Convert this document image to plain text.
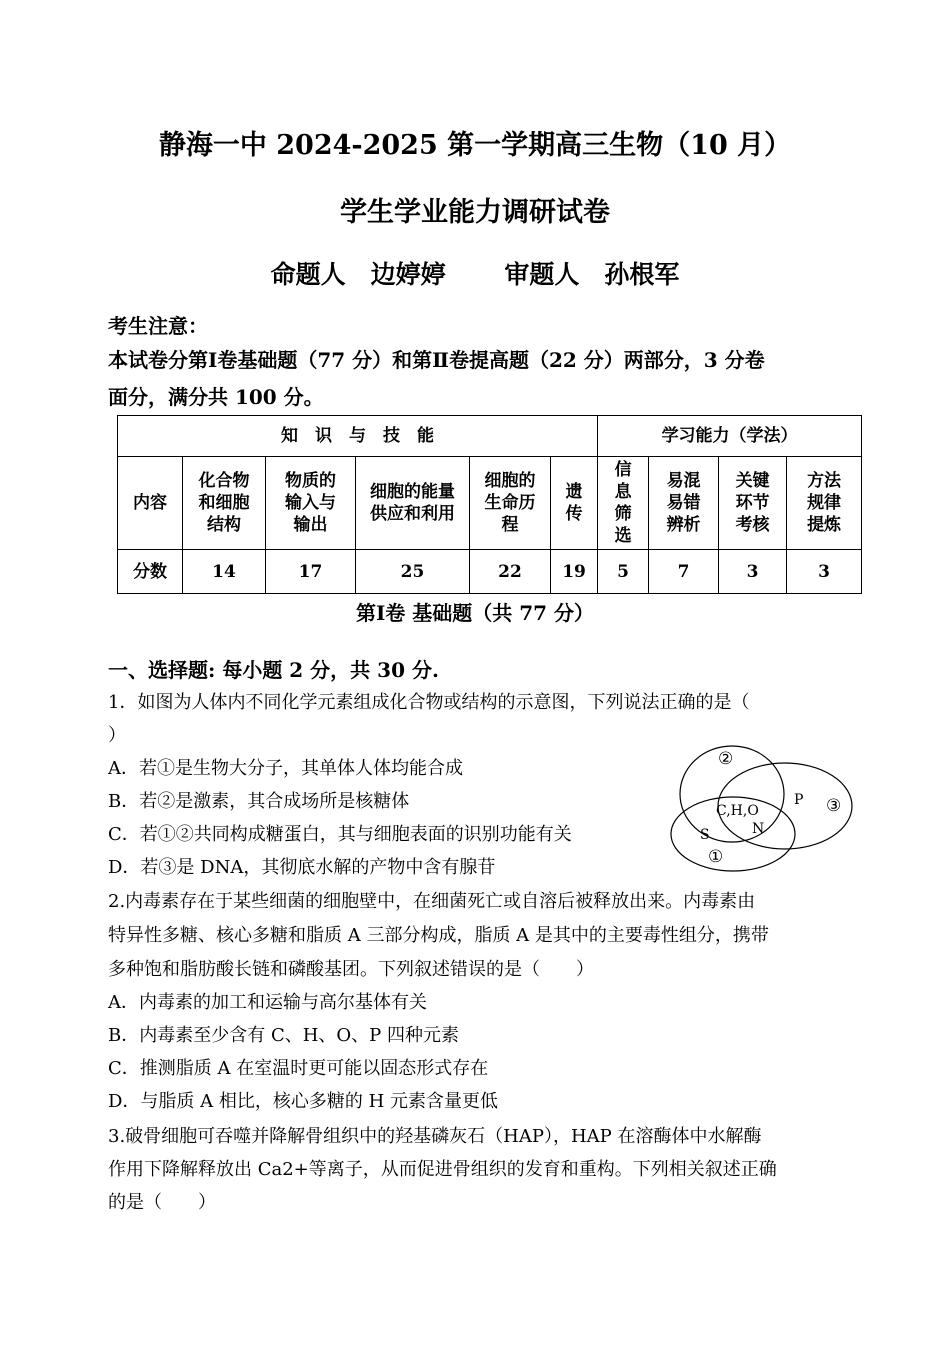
静海一中 2024-2025 第一学期高三生物（10 月）
学生学业能力调研试卷
命题人　边婷婷　　 审题人　孙根军
考生注意：
本试卷分第Ⅰ卷基础题（77 分）和第Ⅱ卷提高题（22 分）两部分，3 分卷
面分，满分共 100 分。
知　识　与　技　能						学习能力（学法）			
内容	化合物和细胞结构	物质的输入与输出	细胞的能量供应和利用	细胞的生命历程	遗传	信息筛选	易混易错辨析	关键环节考核	方法规律提炼
分数	14	17	25	22	19	5	7	3	3
第Ⅰ卷 基础题（共 77 分）
一、选择题: 每小题 2 分，共 30 分.
1．如图为人体内不同化学元素组成化合物或结构的示意图，下列说法正确的是（
）
A．若①是生物大分子，其单体人体均能合成
B．若②是激素，其合成场所是核糖体
C．若①②共同构成糖蛋白，其与细胞表面的识别功能有关
D．若③是 DNA，其彻底水解的产物中含有腺苷
②
③
①
C,H,O
N
P
S
2.内毒素存在于某些细菌的细胞壁中，在细菌死亡或自溶后被释放出来。内毒素由
特异性多糖、核心多糖和脂质 A 三部分构成，脂质 A 是其中的主要毒性组分，携带
多种饱和脂肪酸长链和磷酸基团。下列叙述错误的是（　　）
A．内毒素的加工和运输与高尔基体有关
B．内毒素至少含有 C、H、O、P 四种元素
C．推测脂质 A 在室温时更可能以固态形式存在
D．与脂质 A 相比，核心多糖的 H 元素含量更低
3.破骨细胞可吞噬并降解骨组织中的羟基磷灰石（HAP），HAP 在溶酶体中水解酶
作用下降解释放出 Ca2+等离子，从而促进骨组织的发育和重构。下列相关叙述正确
的是（　　）
